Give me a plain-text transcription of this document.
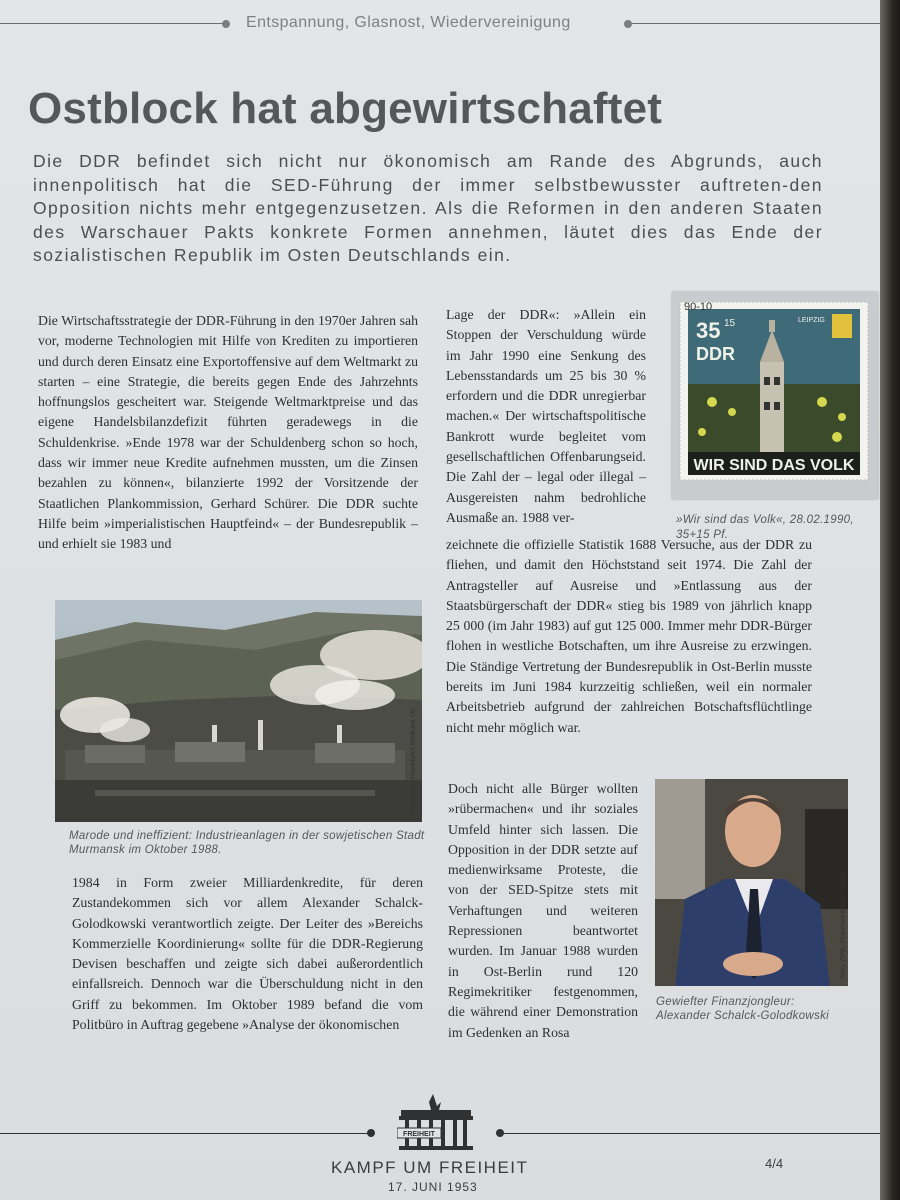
Entspannung, Glasnost, Wiedervereinigung
Ostblock hat abgewirtschaftet
Die DDR befindet sich nicht nur ökonomisch am Rande des Abgrunds, auch innenpolitisch hat die SED-Führung der immer selbstbewusster auftreten-den Opposition nichts mehr entgegenzusetzen. Als die Reformen in den anderen Staaten des Warschauer Pakts konkrete Formen annehmen, läutet dies das Ende der sozialistischen Republik im Osten Deutschlands ein.

Die Wirtschaftsstrategie der DDR-Führung in den 1970er Jahren sah vor, moderne Technologien mit Hilfe von Krediten zu importieren und durch deren Einsatz eine Exportoffensive auf dem Weltmarkt zu starten – eine Strategie, die bereits gegen Ende des Jahrzehnts hoffnungslos gescheitert war. Steigende Weltmarktpreise und das eigene Handelsbilanzdefizit führten geradewegs in die Schuldenkrise. »Ende 1978 war der Schuldenberg schon so hoch, dass wir immer neue Kredite aufnehmen mussten, um die Zinsen bezahlen zu können«, bilanzierte 1992 der Vorsitzende der Staatlichen Plankommission, Gerhard Schürer. Die DDR suchte Hilfe beim »imperialistischen Hauptfeind« – der Bundesrepublik – und erhielt sie 1983 und

Foto: DPA, Frankfurt/Lehtikuva Oy
Marode und ineffizient: Industrieanlagen in der sowjetischen Stadt Murmansk im Oktober 1988.

1984 in Form zweier Milliardenkredite, für deren Zustandekommen sich vor allem Alexander Schalck-Golodkowski verantwortlich zeigte. Der Leiter des »Bereichs Kommerzielle Koordinierung« sollte für die DDR-Regierung Devisen beschaffen und zeigte sich dabei außerordentlich einfallsreich. Dennoch war die Überschuldung nicht in den Griff zu bekommen. Im Oktober 1989 befand die vom Politbüro in Auftrag gegebene »Analyse der ökonomischen

Lage der DDR«: »Allein ein Stoppen der Verschuldung würde im Jahr 1990 eine Senkung des Lebensstandards um 25 bis 30 % erfordern und die DDR unregierbar machen.« Der wirtschaftspolitische Bankrott wurde begleitet vom gesellschaftlichen Offenbarungseid. Die Zahl der – legal oder illegal – Ausgereisten nahm bedrohliche Ausmaße an. 1988 ver-

WIR SIND DAS VOLK
35 15
DDR
LEIPZIG
90-10
»Wir sind das Volk«, 28.02.1990, 35+15 Pf.

zeichnete die offizielle Statistik 1688 Versuche, aus der DDR zu fliehen, und damit den Höchststand seit 1974. Die Zahl der Antragsteller auf Ausreise und »Entlassung aus der Staatsbürgerschaft der DDR« stieg bis 1989 von jährlich knapp 25 000 (im Jahr 1983) auf gut 125 000. Immer mehr DDR-Bürger flohen in westliche Botschaften, um ihre Ausreise zu erzwingen. Die Ständige Vertretung der Bundesrepublik in Ost-Berlin musste bereits im Juni 1984 kurzzeitig schließen, weil ein normaler Arbeitsbetrieb aufgrund der zahlreichen Botschaftsflüchtlinge nicht mehr möglich war.

Doch nicht alle Bürger wollten »rübermachen« und ihr soziales Umfeld hinter sich lassen. Die Opposition in der DDR setzte auf medienwirksame Proteste, die von der SED-Spitze stets mit Verhaftungen und weiteren Repressionen beantwortet wurden. Im Januar 1988 wurden in Ost-Berlin rund 120 Regimekritiker festgenommen, die während einer Demonstration im Gedenken an Rosa

Foto: DPA, Frankfurt/Klaus Franke
Gewiefter Finanzjongleur: Alexander Schalck-Golodkowski
FREIHEIT
KAMPF UM FREIHEIT
17. JUNI 1953
4/4
